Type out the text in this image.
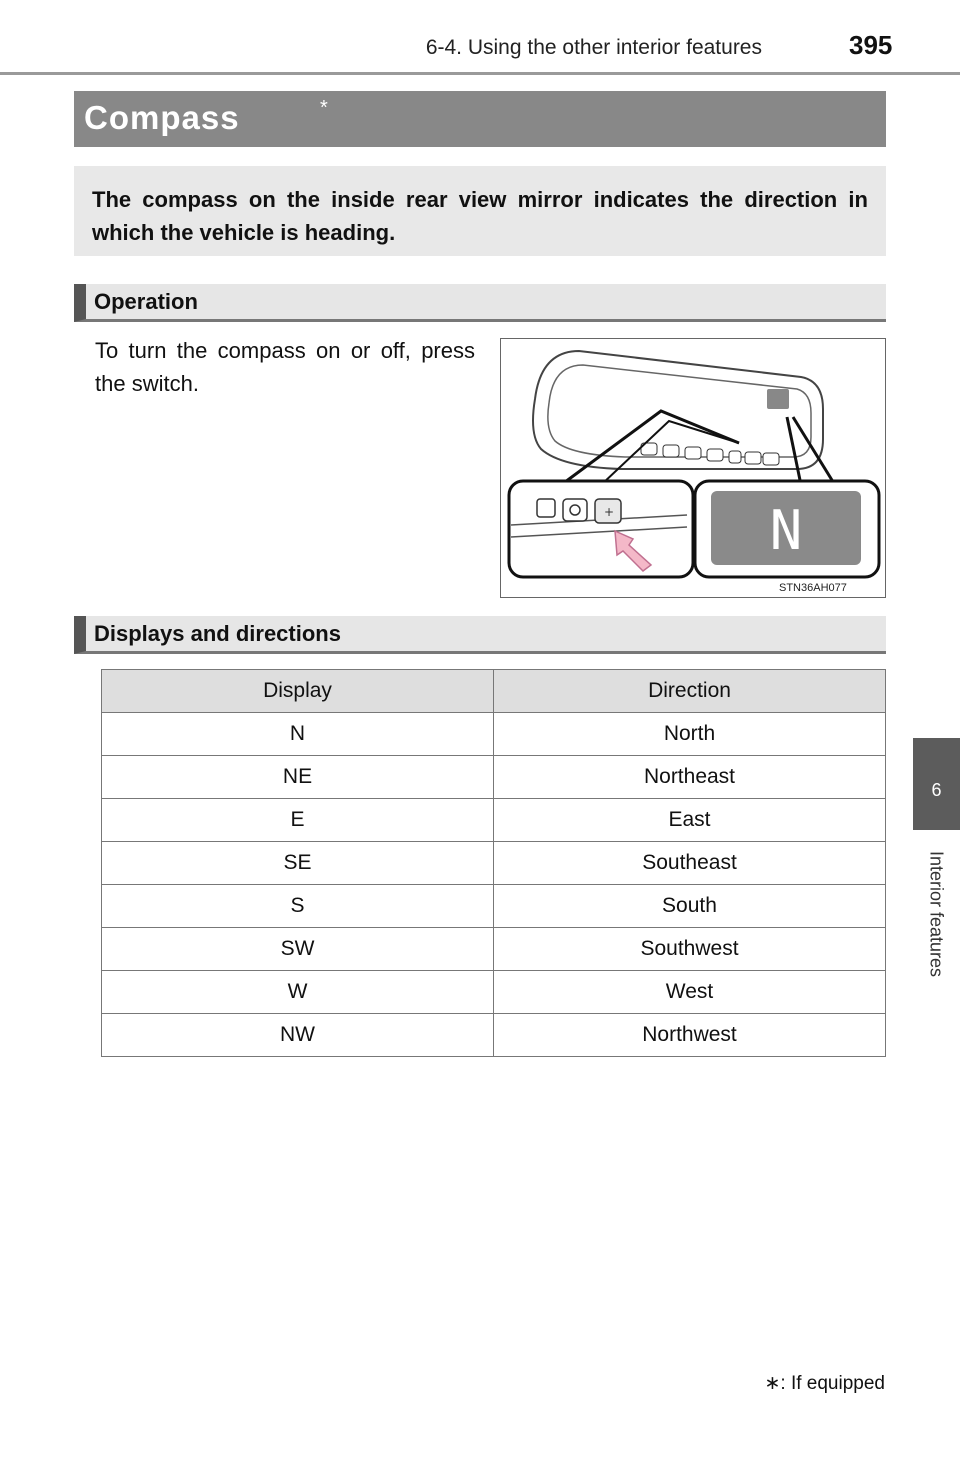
6-4. Using the other interior features	395
6
Interior features
Compass	*
The compass on the inside rear view mirror indicates the direction in which the vehicle is heading.
Operation
To turn the compass on or off, press the switch.
+	N
STN36AH077
Displays and directions
Display	Direction
N	North
NE	Northeast
E	East
SE	Southeast
S	South
SW	Southwest
W	West
NW	Northwest
∗: If equipped
